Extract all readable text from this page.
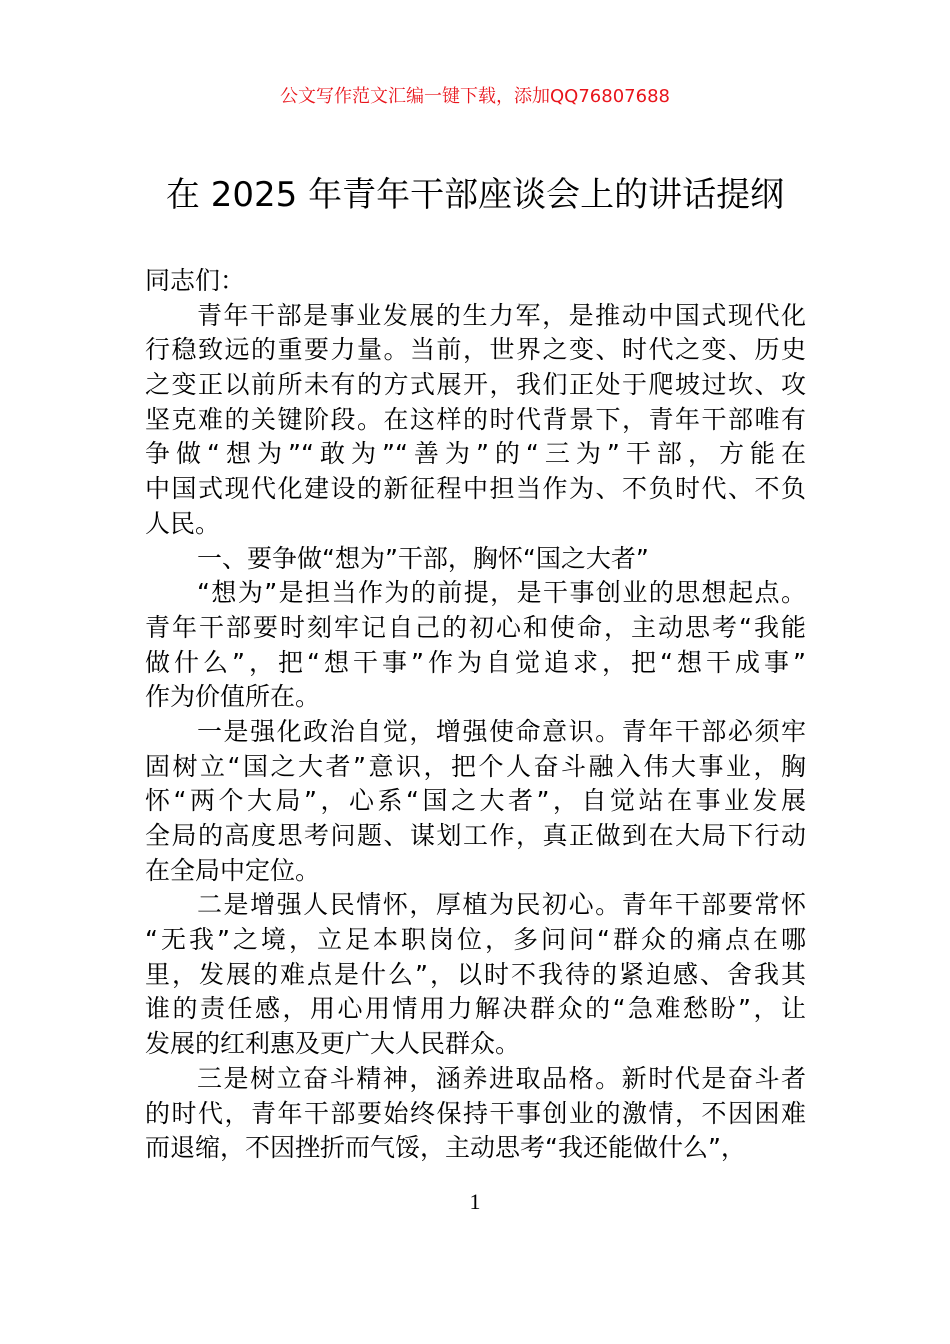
公文写作范文汇编一键下载，添加QQ76807688
在 2025 年青年干部座谈会上的讲话提纲
同志们：
青年干部是事业发展的生力军，是推动中国式现代化
行稳致远的重要力量。当前，世界之变、时代之变、历史
之变正以前所未有的方式展开，我们正处于爬坡过坎、攻
坚克难的关键阶段。在这样的时代背景下，青年干部唯有
争做“想为”“敢为”“善为”的“三为”干部，方能在
中国式现代化建设的新征程中担当作为、不负时代、不负
人民。
一、要争做“想为”干部，胸怀“国之大者”
“想为”是担当作为的前提，是干事创业的思想起点。
青年干部要时刻牢记自己的初心和使命，主动思考“我能
做什么”，把“想干事”作为自觉追求，把“想干成事”
作为价值所在。
一是强化政治自觉，增强使命意识。青年干部必须牢
固树立“国之大者”意识，把个人奋斗融入伟大事业，胸
怀“两个大局”，心系“国之大者”，自觉站在事业发展
全局的高度思考问题、谋划工作，真正做到在大局下行动
在全局中定位。
二是增强人民情怀，厚植为民初心。青年干部要常怀
“无我”之境，立足本职岗位，多问问“群众的痛点在哪
里，发展的难点是什么”，以时不我待的紧迫感、舍我其
谁的责任感，用心用情用力解决群众的“急难愁盼”，让
发展的红利惠及更广大人民群众。
三是树立奋斗精神，涵养进取品格。新时代是奋斗者
的时代，青年干部要始终保持干事创业的激情，不因困难
而退缩，不因挫折而气馁，主动思考“我还能做什么”，
1
